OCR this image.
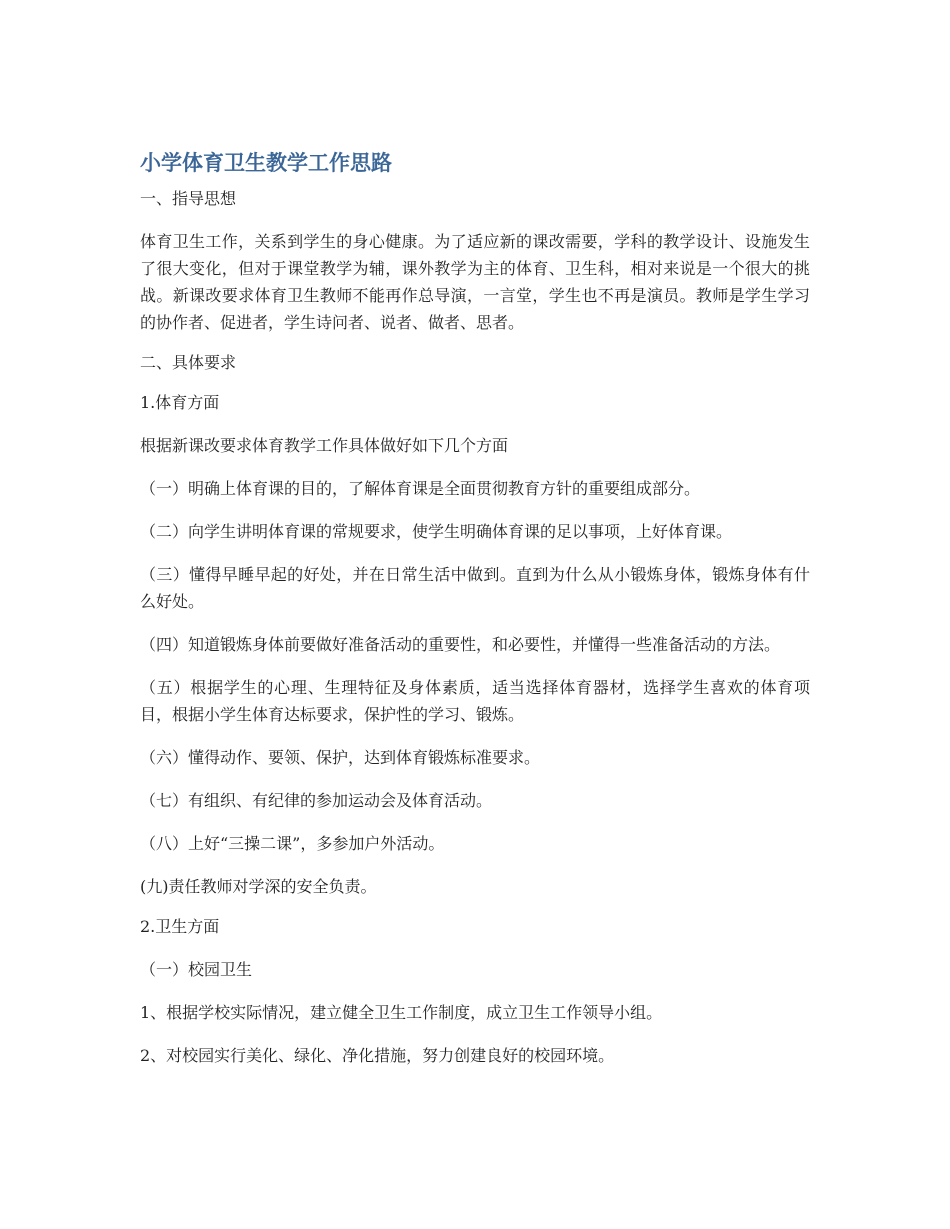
小学体育卫生教学工作思路

一、指导思想

体育卫生工作，关系到学生的身心健康。为了适应新的课改需要，学科的教学设计、设施发生了很大变化，但对于课堂教学为辅，课外教学为主的体育、卫生科，相对来说是一个很大的挑战。新课改要求体育卫生教师不能再作总导演，一言堂，学生也不再是演员。教师是学生学习的协作者、促进者，学生诗问者、说者、做者、思者。

二、具体要求

1.体育方面

根据新课改要求体育教学工作具体做好如下几个方面

（一）明确上体育课的目的，了解体育课是全面贯彻教育方针的重要组成部分。

（二）向学生讲明体育课的常规要求，使学生明确体育课的足以事项，上好体育课。

（三）懂得早睡早起的好处，并在日常生活中做到。直到为什么从小锻炼身体，锻炼身体有什么好处。

（四）知道锻炼身体前要做好准备活动的重要性，和必要性，并懂得一些准备活动的方法。

（五）根据学生的心理、生理特征及身体素质，适当选择体育器材，选择学生喜欢的体育项目，根据小学生体育达标要求，保护性的学习、锻炼。

（六）懂得动作、要领、保护，达到体育锻炼标准要求。

（七）有组织、有纪律的参加运动会及体育活动。

（八）上好“三操二课”，多参加户外活动。

(九)责任教师对学深的安全负责。

2.卫生方面

（一）校园卫生

1、根据学校实际情况，建立健全卫生工作制度，成立卫生工作领导小组。

2、对校园实行美化、绿化、净化措施，努力创建良好的校园环境。
